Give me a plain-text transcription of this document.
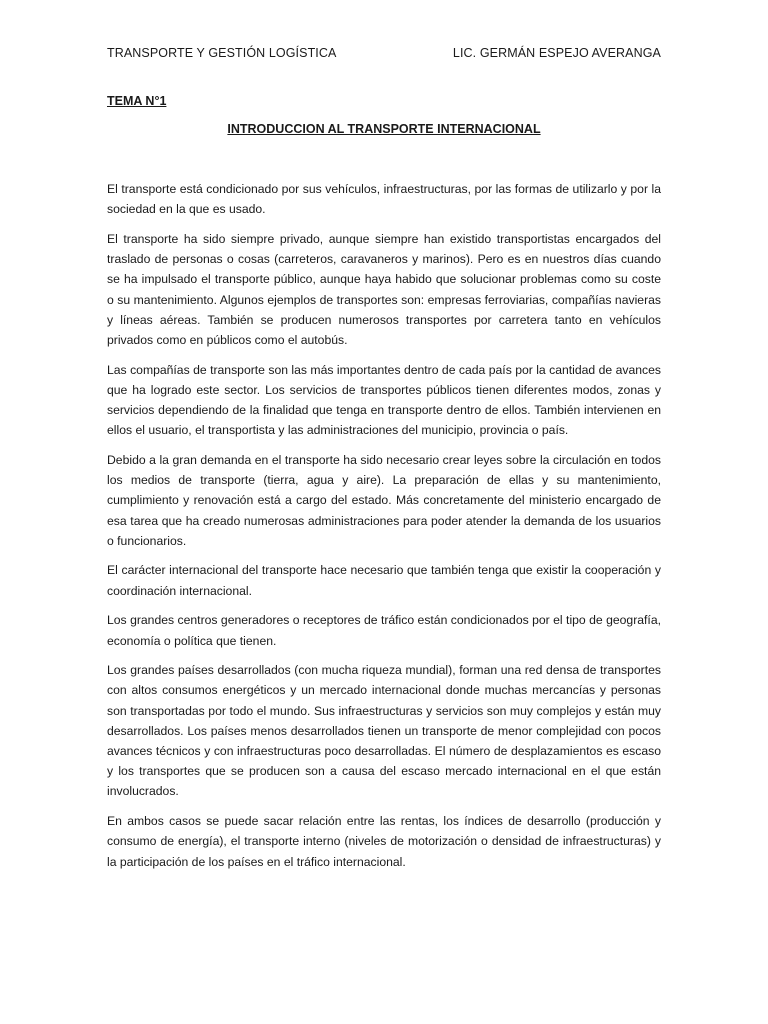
TRANSPORTE Y GESTIÓN LOGÍSTICA	LIC. GERMÁN ESPEJO AVERANGA
TEMA N°1
INTRODUCCION AL TRANSPORTE INTERNACIONAL

El transporte está condicionado por sus vehículos, infraestructuras, por las formas de utilizarlo y por la sociedad en la que es usado.

El transporte ha sido siempre privado, aunque siempre han existido transportistas encargados del traslado de personas o cosas (carreteros, caravaneros y marinos). Pero es en nuestros días cuando se ha impulsado el transporte público, aunque haya habido que solucionar problemas como su coste o su mantenimiento. Algunos ejemplos de transportes son: empresas ferroviarias, compañías navieras y líneas aéreas. También se producen numerosos transportes por carretera tanto en vehículos privados como en públicos como el autobús.

Las compañías de transporte son las más importantes dentro de cada país por la cantidad de avances que ha logrado este sector. Los servicios de transportes públicos tienen diferentes modos, zonas y servicios dependiendo de la finalidad que tenga en transporte dentro de ellos. También intervienen en ellos el usuario, el transportista y las administraciones del municipio, provincia o país.

Debido a la gran demanda en el transporte ha sido necesario crear leyes sobre la circulación en todos los medios de transporte (tierra, agua y aire). La preparación de ellas y su mantenimiento, cumplimiento y renovación está a cargo del estado. Más concretamente del ministerio encargado de esa tarea que ha creado numerosas administraciones para poder atender la demanda de los usuarios o funcionarios.

El carácter internacional del transporte hace necesario que también tenga que existir la cooperación y coordinación internacional.

Los grandes centros generadores o receptores de tráfico están condicionados por el tipo de geografía, economía o política que tienen.

Los grandes países desarrollados (con mucha riqueza mundial), forman una red densa de transportes con altos consumos energéticos y un mercado internacional donde muchas mercancías y personas son transportadas por todo el mundo. Sus infraestructuras y servicios son muy complejos y están muy desarrollados. Los países menos desarrollados tienen un transporte de menor complejidad con pocos avances técnicos y con infraestructuras poco desarrolladas. El número de desplazamientos es escaso y los transportes que se producen son a causa del escaso mercado internacional en el que están involucrados.

En ambos casos se puede sacar relación entre las rentas, los índices de desarrollo (producción y consumo de energía), el transporte interno (niveles de motorización o densidad de infraestructuras) y la participación de los países en el tráfico internacional.
